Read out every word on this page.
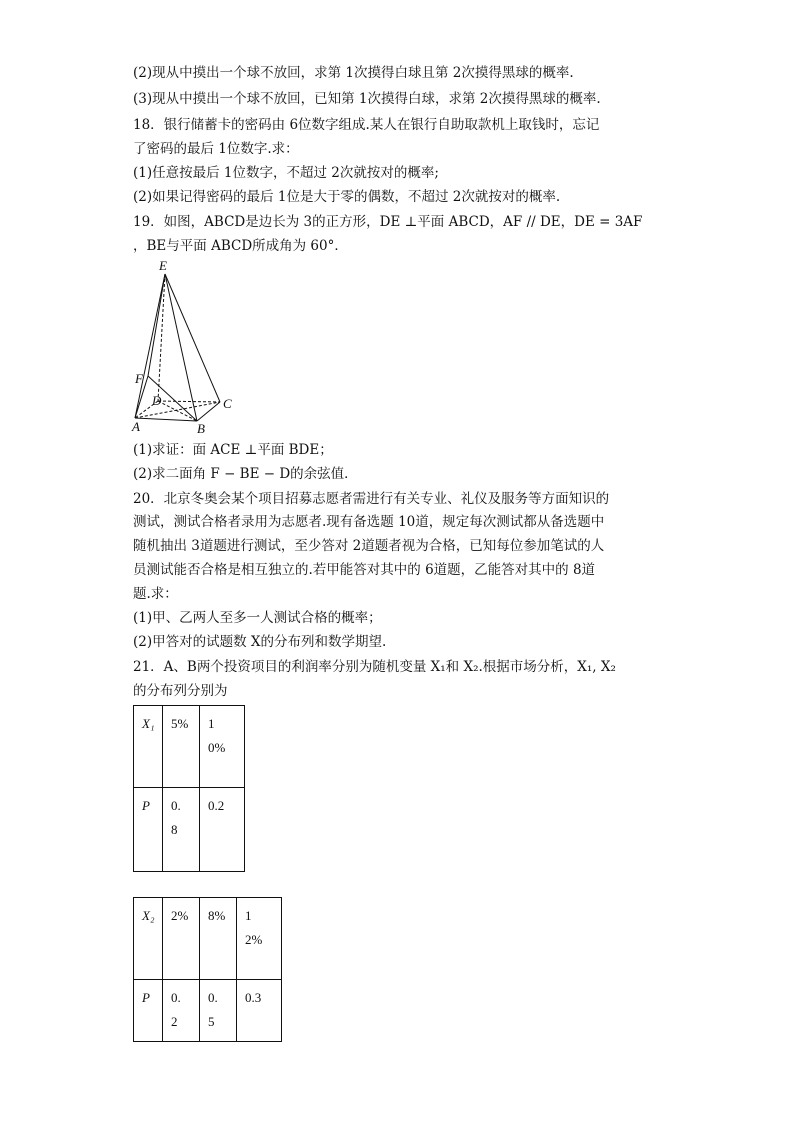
(2)现从中摸出一个球不放回，求第 1次摸得白球且第 2次摸得黑球的概率.
(3)现从中摸出一个球不放回，已知第 1次摸得白球，求第 2次摸得黑球的概率.
18．银行储蓄卡的密码由 6位数字组成.某人在银行自助取款机上取钱时，忘记
了密码的最后 1位数字.求：
(1)任意按最后 1位数字，不超过 2次就按对的概率;
(2)如果记得密码的最后 1位是大于零的偶数，不超过 2次就按对的概率.
19．如图，ABCD是边长为 3的正方形，DE ⊥平面 ABCD，AF // DE，DE = 3AF
，BE与平面 ABCD所成角为 60°．
E
F
D	C
A	B
(1)求证：面 ACE ⊥平面 BDE；
(2)求二面角 F − BE − D的余弦值．
20．北京冬奥会某个项目招募志愿者需进行有关专业、礼仪及服务等方面知识的
测试，测试合格者录用为志愿者.现有备选题 10道，规定每次测试都从备选题中
随机抽出 3道题进行测试，至少答对 2道题者视为合格，已知每位参加笔试的人
员测试能否合格是相互独立的.若甲能答对其中的 6道题，乙能答对其中的 8道
题.求：
(1)甲、乙两人至多一人测试合格的概率；
(2)甲答对的试题数 X的分布列和数学期望.
21．A、B两个投资项目的利润率分别为随机变量 X₁和 X₂.根据市场分析，X₁, X₂
的分布列分别为
X₁	5%	10%

P	0.8	0.2
X₂	2%	8%	12%

P	0.2	0.5	0.3
